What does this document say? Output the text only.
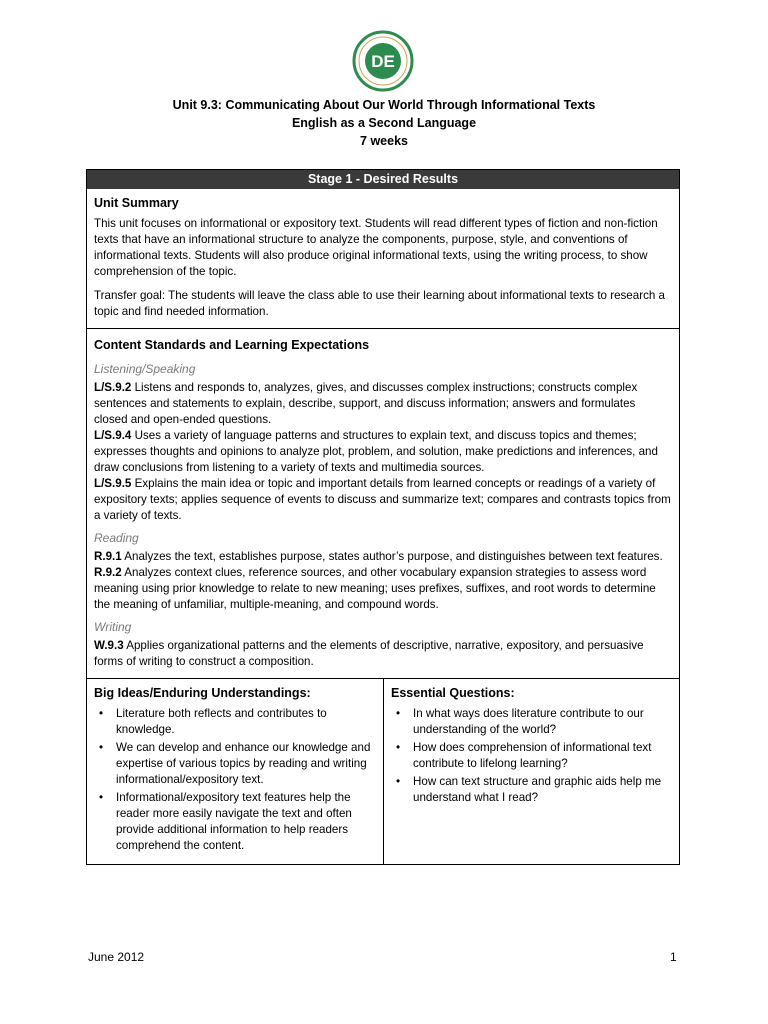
DE
Unit 9.3: Communicating About Our World Through Informational Texts
English as a Second Language
7 weeks
Stage 1 - Desired Results
Unit Summary

This unit focuses on informational or expository text. Students will read different types of fiction and non-fiction texts that have an informational structure to analyze the components, purpose, style, and conventions of informational texts. Students will also produce original informational texts, using the writing process, to show comprehension of the topic.

Transfer goal: The students will leave the class able to use their learning about informational texts to research a topic and find needed information.

Content Standards and Learning Expectations
Listening/Speaking

L/S.9.2 Listens and responds to, analyzes, gives, and discusses complex instructions; constructs complex sentences and statements to explain, describe, support, and discuss information; answers and formulates closed and open-ended questions.

L/S.9.4 Uses a variety of language patterns and structures to explain text, and discuss topics and themes; expresses thoughts and opinions to analyze plot, problem, and solution, make predictions and inferences, and draw conclusions from listening to a variety of texts and multimedia sources.

L/S.9.5 Explains the main idea or topic and important details from learned concepts or readings of a variety of expository texts; applies sequence of events to discuss and summarize text; compares and contrasts topics from a variety of texts.

Reading

R.9.1 Analyzes the text, establishes purpose, states author’s purpose, and distinguishes between text features.

R.9.2 Analyzes context clues, reference sources, and other vocabulary expansion strategies to assess word meaning using prior knowledge to relate to new meaning; uses prefixes, suffixes, and root words to determine the meaning of unfamiliar, multiple-meaning, and compound words.

Writing

W.9.3 Applies organizational patterns and the elements of descriptive, narrative, expository, and persuasive forms of writing to construct a composition.

Big Ideas/Enduring Understandings:
• Literature both reflects and contributes to knowledge.
• We can develop and enhance our knowledge and expertise of various topics by reading and writing informational/expository text.
• Informational/expository text features help the reader more easily navigate the text and often provide additional information to help readers comprehend the content.
Essential Questions:
• In what ways does literature contribute to our understanding of the world?
• How does comprehension of informational text contribute to lifelong learning?
• How can text structure and graphic aids help me understand what I read?
June 2012	1
